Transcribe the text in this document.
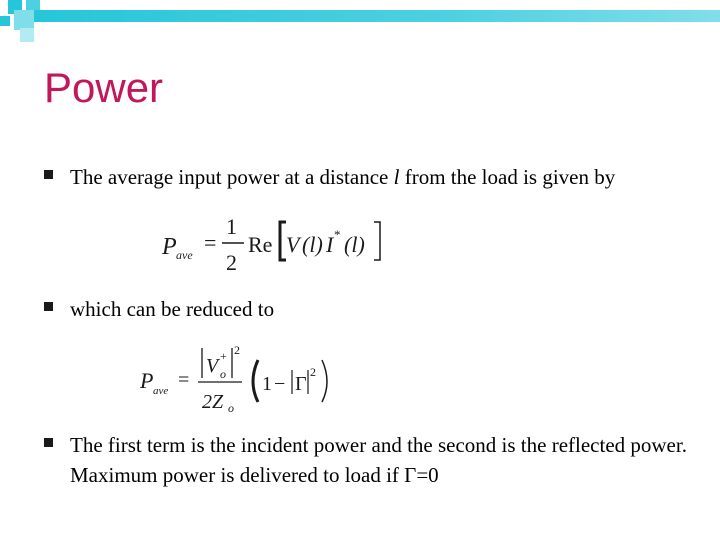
Power
The average input power at a distance l from the load is given by
P ave =
1
2
Re V (l) I * (l)
which can be reduced to
P ave =
V +
o
2
2Z o
1 − Γ
2
The first term is the incident power and the second is the reflected power. Maximum power is delivered to load if Γ=0
